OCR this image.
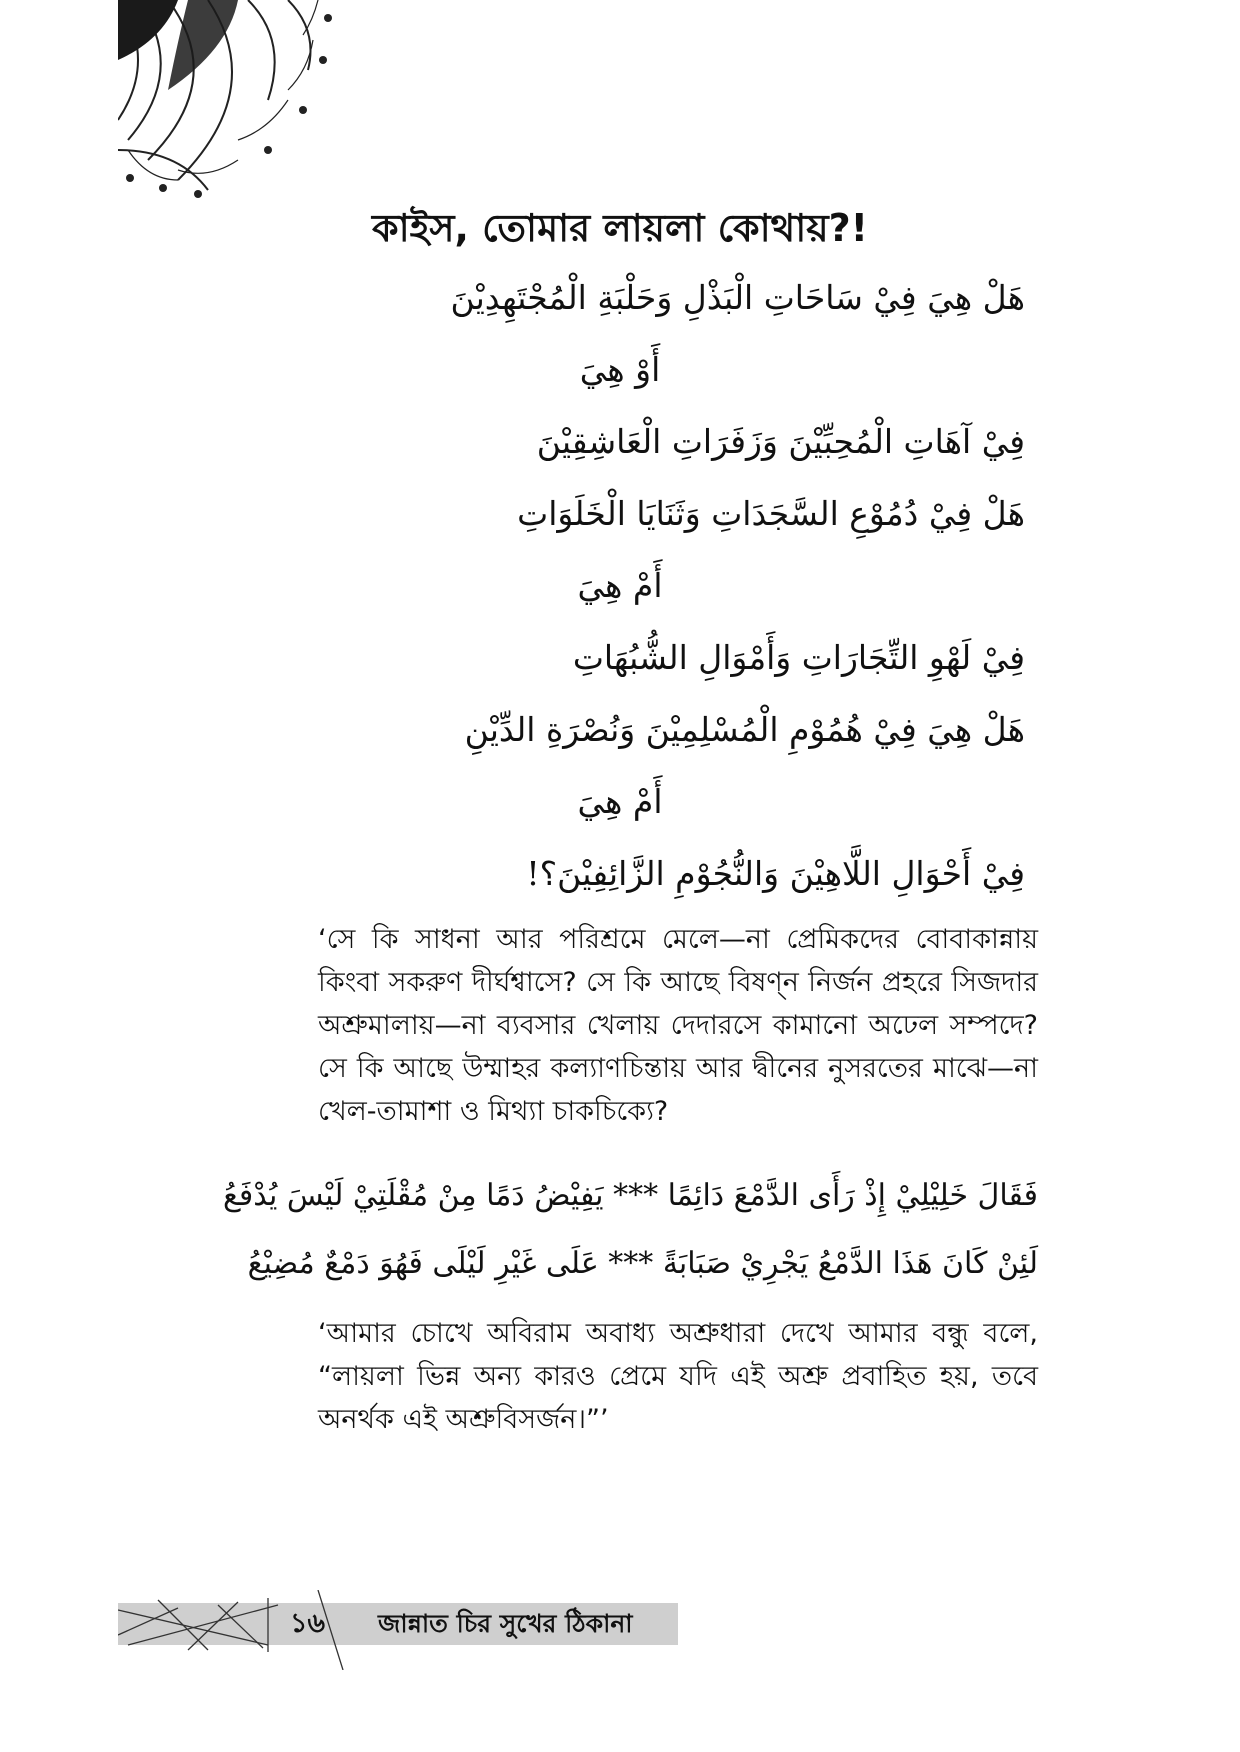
কাইস, তোমার লায়লা কোথায়?!
هَلْ هِيَ فِيْ سَاحَاتِ الْبَذْلِ وَحَلْبَةِ الْمُجْتَهِدِيْنَ
أَوْ هِيَ
فِيْ آهَاتِ الْمُحِبِّيْنَ وَزَفَرَاتِ الْعَاشِقِيْنَ
هَلْ فِيْ دُمُوْعِ السَّجَدَاتِ وَثَنَايَا الْخَلَوَاتِ
أَمْ هِيَ
فِيْ لَهْوِ التِّجَارَاتِ وَأَمْوَالِ الشُّبُهَاتِ
هَلْ هِيَ فِيْ هُمُوْمِ الْمُسْلِمِيْنَ وَنُصْرَةِ الدِّيْنِ
أَمْ هِيَ
فِيْ أَحْوَالِ اللَّاهِيْنَ وَالنُّجُوْمِ الزَّائِفِيْنَ؟!
‘সে কি সাধনা আর পরিশ্রমে মেলে—না প্রেমিকদের বোবাকান্নায় কিংবা সকরুণ দীর্ঘশ্বাসে? সে কি আছে বিষণ্ন নির্জন প্রহরে সিজদার অশ্রুমালায়—না ব্যবসার খেলায় দেদারসে কামানো অঢেল সম্পদে? সে কি আছে উম্মাহর কল্যাণচিন্তায় আর দ্বীনের নুসরতের মাঝে—না খেল-তামাশা ও মিথ্যা চাকচিক্যে?
فَقَالَ خَلِيْلِيْ إِذْ رَأَى الدَّمْعَ دَائِمًا *** يَفِيْضُ دَمًا مِنْ مُقْلَتِيْ لَيْسَ يُدْفَعُ
لَئِنْ كَانَ هَذَا الدَّمْعُ يَجْرِيْ صَبَابَةً *** عَلَى غَيْرِ لَيْلَى فَهُوَ دَمْعٌ مُضِيْعُ
‘আমার চোখে অবিরাম অবাধ্য অশ্রুধারা দেখে আমার বন্ধু বলে, “লায়লা ভিন্ন অন্য কারও প্রেমে যদি এই অশ্রু প্রবাহিত হয়, তবে অনর্থক এই অশ্রুবিসর্জন।”’
১৬ জান্নাত চির সুখের ঠিকানা
